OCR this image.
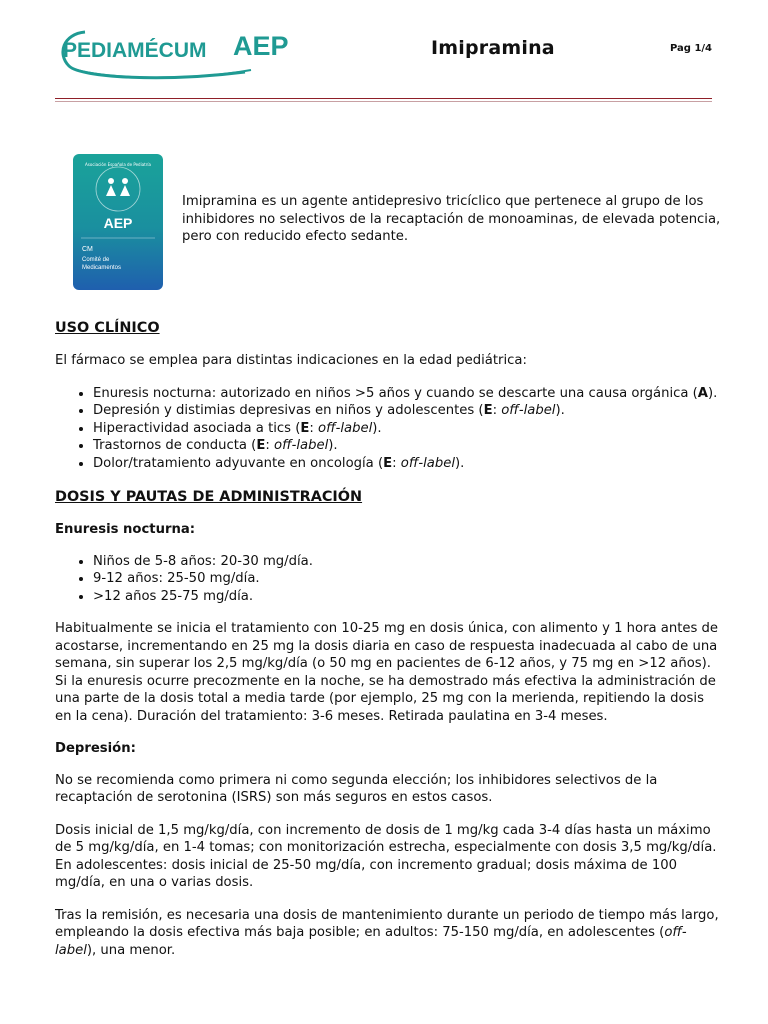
PEDIAMÉCUM AEP	Imipramina	Pag 1/4
Asociación Española de Pediatría
AEP
CM
Comité de
Medicamentos
Imipramina es un agente antidepresivo tricíclico que pertenece al grupo de los inhibidores no selectivos de la recaptación de monoaminas, de elevada potencia, pero con reducido efecto sedante.
USO CLÍNICO

El fármaco se emplea para distintas indicaciones en la edad pediátrica:

• Enuresis nocturna: autorizado en niños >5 años y cuando se descarte una causa orgánica (A).
• Depresión y distimias depresivas en niños y adolescentes (E: off-label).
• Hiperactividad asociada a tics (E: off-label).
• Trastornos de conducta (E: off-label).
• Dolor/tratamiento adyuvante en oncología (E: off-label).
DOSIS Y PAUTAS DE ADMINISTRACIÓN
Enuresis nocturna:
• Niños de 5-8 años: 20-30 mg/día.
• 9-12 años: 25-50 mg/día.
• >12 años 25-75 mg/día.

Habitualmente se inicia el tratamiento con 10-25 mg en dosis única, con alimento y 1 hora antes de acostarse, incrementando en 25 mg la dosis diaria en caso de respuesta inadecuada al cabo de una semana, sin superar los 2,5 mg/kg/día (o 50 mg en pacientes de 6-12 años, y 75 mg en >12 años). Si la enuresis ocurre precozmente en la noche, se ha demostrado más efectiva la administración de una parte de la dosis total a media tarde (por ejemplo, 25 mg con la merienda, repitiendo la dosis en la cena). Duración del tratamiento: 3-6 meses. Retirada paulatina en 3-4 meses.

Depresión:

No se recomienda como primera ni como segunda elección; los inhibidores selectivos de la recaptación de serotonina (ISRS) son más seguros en estos casos.

Dosis inicial de 1,5 mg/kg/día, con incremento de dosis de 1 mg/kg cada 3-4 días hasta un máximo de 5 mg/kg/día, en 1-4 tomas; con monitorización estrecha, especialmente con dosis 3,5 mg/kg/día. En adolescentes: dosis inicial de 25-50 mg/día, con incremento gradual; dosis máxima de 100 mg/día, en una o varias dosis.

Tras la remisión, es necesaria una dosis de mantenimiento durante un periodo de tiempo más largo, empleando la dosis efectiva más baja posible; en adultos: 75-150 mg/día, en adolescentes (off-label), una menor.
